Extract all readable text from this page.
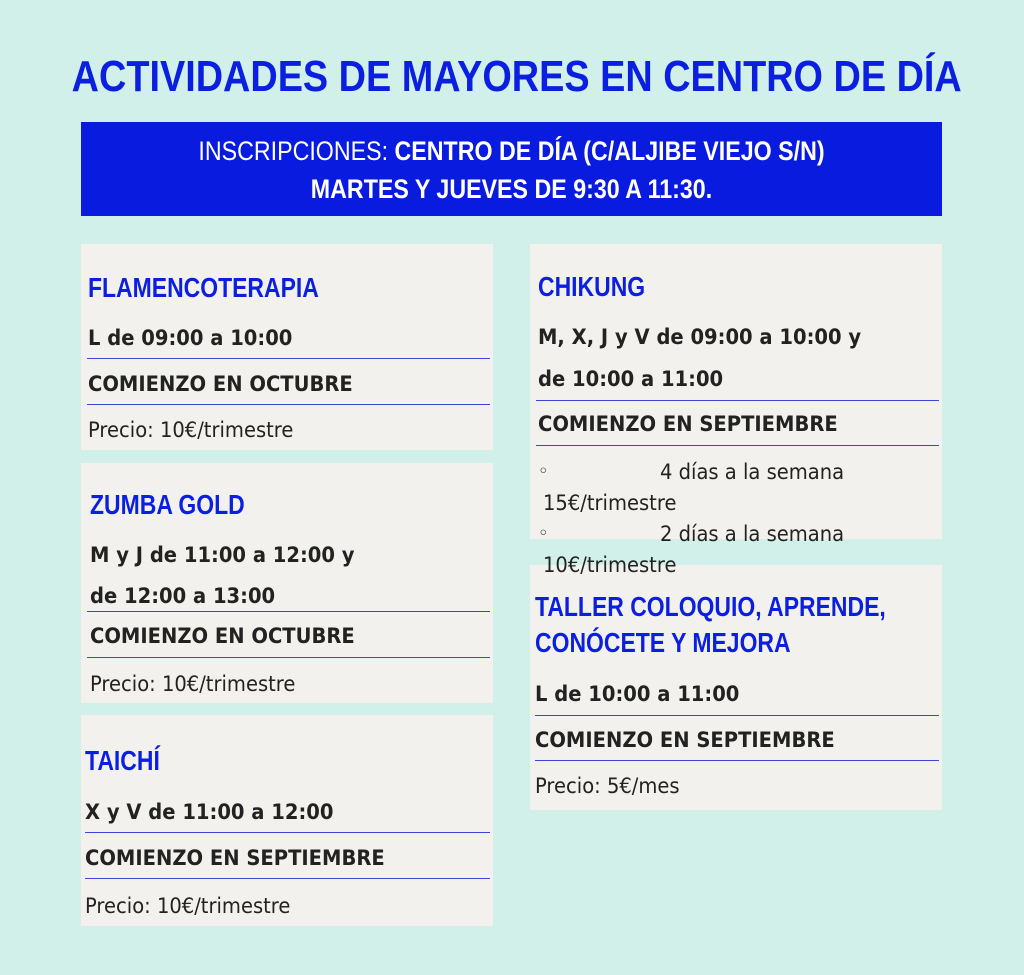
ACTIVIDADES DE MAYORES EN CENTRO DE DÍA
INSCRIPCIONES: CENTRO DE DÍA (C/ALJIBE VIEJO S/N)
MARTES Y JUEVES DE 9:30 A 11:30.
FLAMENCOTERAPIA
L de 09:00 a 10:00
COMIENZO EN OCTUBRE
Precio: 10€/trimestre
ZUMBA GOLD
M y J de 11:00 a 12:00 y
de 12:00 a 13:00
COMIENZO EN OCTUBRE
Precio: 10€/trimestre
TAICHÍ
X y V de 11:00 a 12:00
COMIENZO EN SEPTIEMBRE
Precio: 10€/trimestre
CHIKUNG
M, X, J y V de 09:00 a 10:00 y
de 10:00 a 11:00
COMIENZO EN SEPTIEMBRE
◦	4 días a la semana
15€/trimestre
◦	2 días a la semana
TALLER COLOQUIO, APRENDE,
CONÓCETE Y MEJORA
L de 10:00 a 11:00
COMIENZO EN SEPTIEMBRE
Precio: 5€/mes
10€/trimestre
